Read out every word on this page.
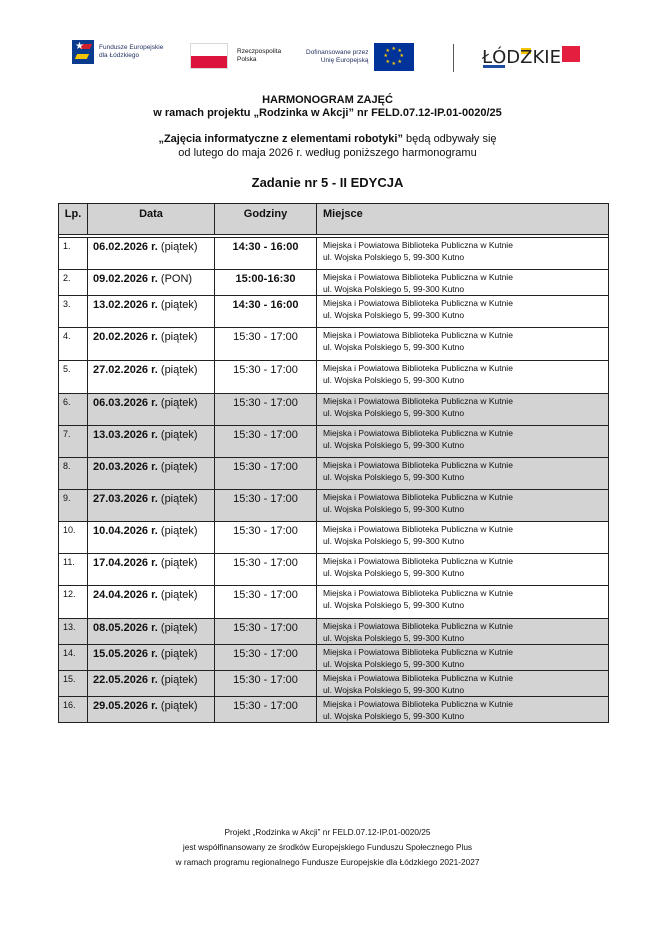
★ Fundusze Europejskie
dla Łódzkiego
Rzeczpospolita
Polska
Dofinansowane przez
Unię Europejską
★ ★
★
★
★
★
★
★	ŁÓDZKIE
HARMONOGRAM ZAJĘĆ
w ramach projektu „Rodzinka w Akcji” nr FELD.07.12-IP.01-0020/25
„Zajęcia informatyczne z elementami robotyki” będą odbywały się
od lutego do maja 2026 r. według poniższego harmonogramu
Zadanie nr 5 - II EDYCJA
Lp.	Data	Godziny	Miejsce

1.	06.02.2026 r. (piątek)	14:30 - 16:00	Miejska i Powiatowa Biblioteka Publiczna w Kutnie
ul. Wojska Polskiego 5, 99-300 Kutno

2.	09.02.2026 r. (PON)	15:00-16:30	Miejska i Powiatowa Biblioteka Publiczna w Kutnie
ul. Wojska Polskiego 5, 99-300 Kutno

3.	13.02.2026 r. (piątek)	14:30 - 16:00	Miejska i Powiatowa Biblioteka Publiczna w Kutnie
ul. Wojska Polskiego 5, 99-300 Kutno

4.	20.02.2026 r. (piątek)	15:30 - 17:00	Miejska i Powiatowa Biblioteka Publiczna w Kutnie
ul. Wojska Polskiego 5, 99-300 Kutno

5.	27.02.2026 r. (piątek)	15:30 - 17:00	Miejska i Powiatowa Biblioteka Publiczna w Kutnie
ul. Wojska Polskiego 5, 99-300 Kutno

6.	06.03.2026 r. (piątek)	15:30 - 17:00	Miejska i Powiatowa Biblioteka Publiczna w Kutnie
ul. Wojska Polskiego 5, 99-300 Kutno

7.	13.03.2026 r. (piątek)	15:30 - 17:00	Miejska i Powiatowa Biblioteka Publiczna w Kutnie
ul. Wojska Polskiego 5, 99-300 Kutno

8.	20.03.2026 r. (piątek)	15:30 - 17:00	Miejska i Powiatowa Biblioteka Publiczna w Kutnie
ul. Wojska Polskiego 5, 99-300 Kutno

9.	27.03.2026 r. (piątek)	15:30 - 17:00	Miejska i Powiatowa Biblioteka Publiczna w Kutnie
ul. Wojska Polskiego 5, 99-300 Kutno

10.	10.04.2026 r. (piątek)	15:30 - 17:00	Miejska i Powiatowa Biblioteka Publiczna w Kutnie
ul. Wojska Polskiego 5, 99-300 Kutno

11.	17.04.2026 r. (piątek)	15:30 - 17:00	Miejska i Powiatowa Biblioteka Publiczna w Kutnie
ul. Wojska Polskiego 5, 99-300 Kutno

12.	24.04.2026 r. (piątek)	15:30 - 17:00	Miejska i Powiatowa Biblioteka Publiczna w Kutnie
ul. Wojska Polskiego 5, 99-300 Kutno

13.	08.05.2026 r. (piątek)	15:30 - 17:00	Miejska i Powiatowa Biblioteka Publiczna w Kutnie
ul. Wojska Polskiego 5, 99-300 Kutno

14.	15.05.2026 r. (piątek)	15:30 - 17:00	Miejska i Powiatowa Biblioteka Publiczna w Kutnie
ul. Wojska Polskiego 5, 99-300 Kutno

15.	22.05.2026 r. (piątek)	15:30 - 17:00	Miejska i Powiatowa Biblioteka Publiczna w Kutnie
ul. Wojska Polskiego 5, 99-300 Kutno

16.	29.05.2026 r. (piątek)	15:30 - 17:00	Miejska i Powiatowa Biblioteka Publiczna w Kutnie
ul. Wojska Polskiego 5, 99-300 Kutno
Projekt „Rodzinka w Akcji” nr FELD.07.12-IP.01-0020/25
jest współfinansowany ze środków Europejskiego Funduszu Społecznego Plus
w ramach programu regionalnego Fundusze Europejskie dla Łódzkiego 2021-2027
